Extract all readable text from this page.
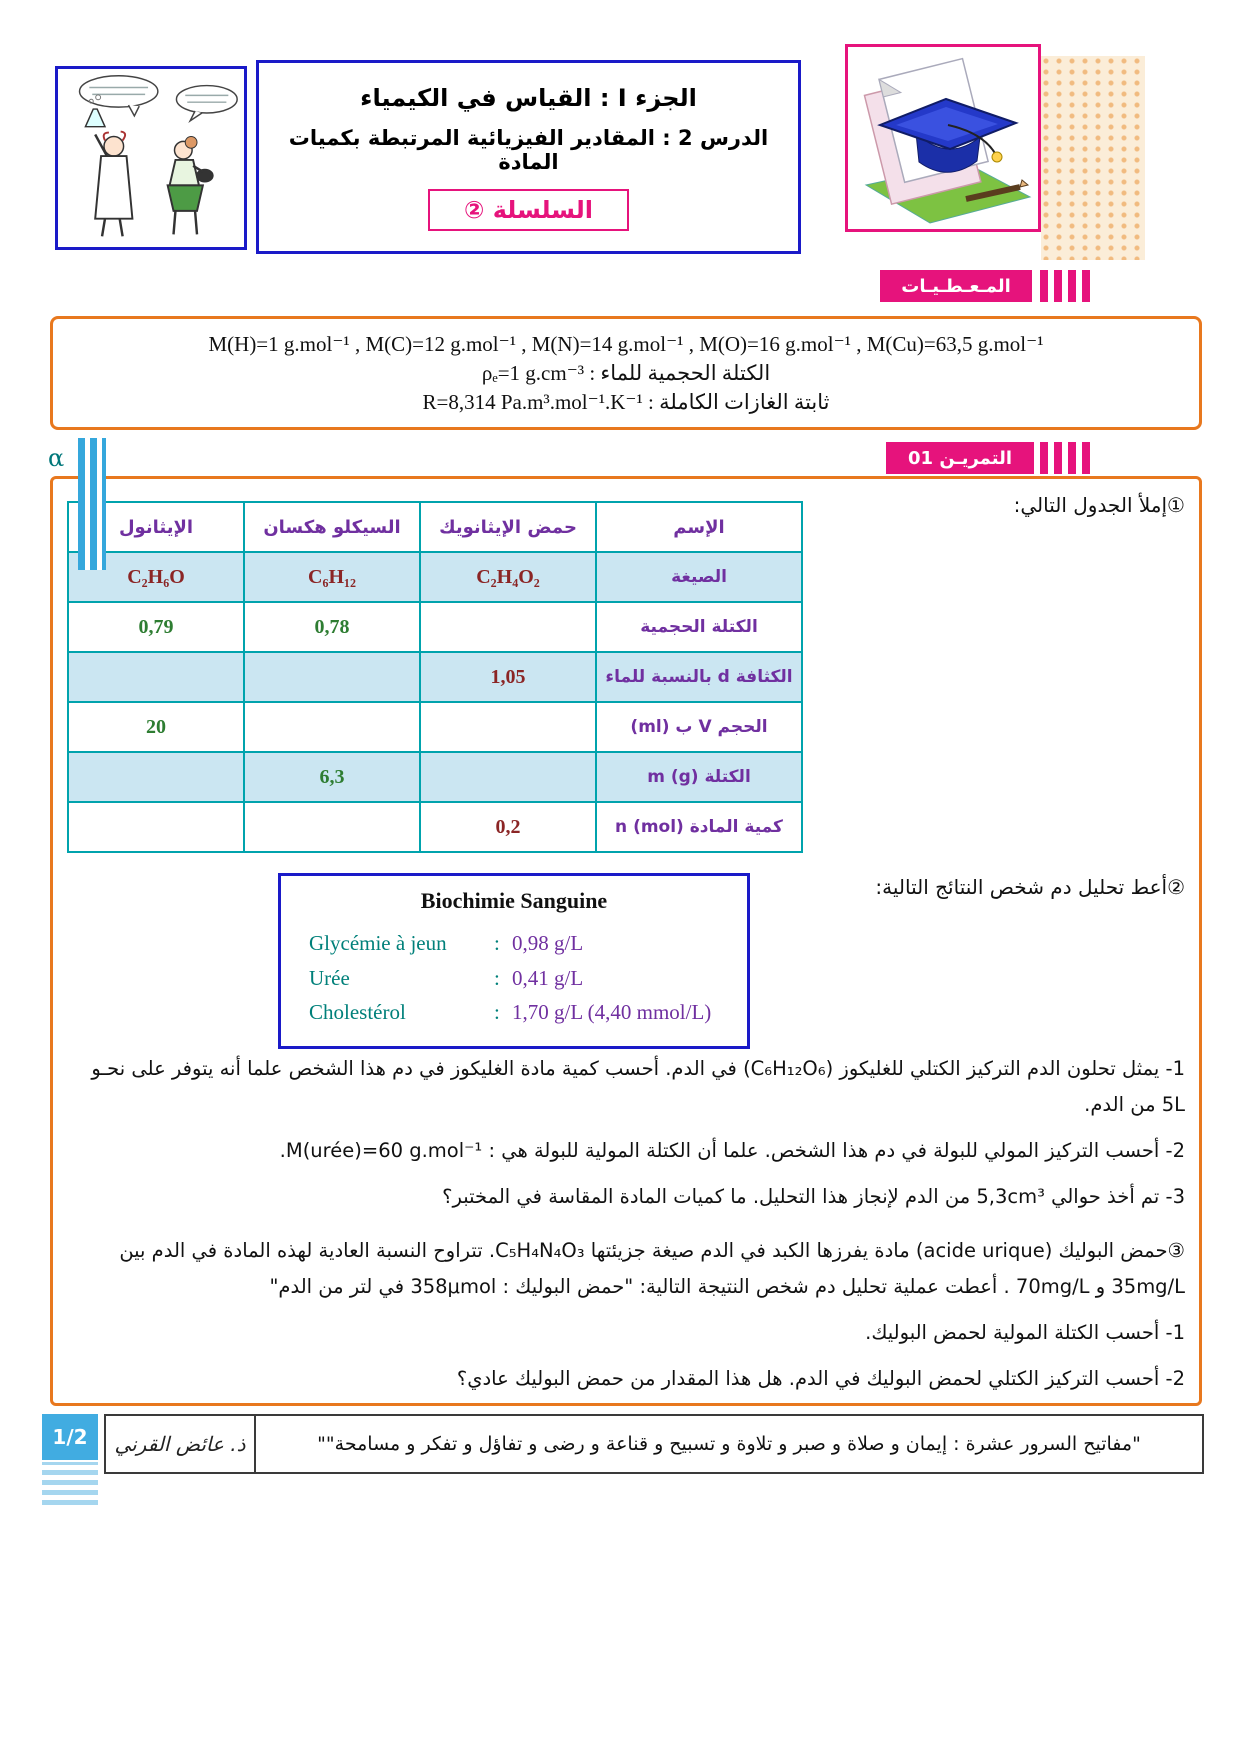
الجزء I : القياس في الكيمياء
الدرس 2 : المقادير الفيزيائية المرتبطة بكميات المادة
السلسلة ②
المـعـطـيـات
M(H)=1 g.mol⁻¹ , M(C)=12 g.mol⁻¹ , M(N)=14 g.mol⁻¹ , M(O)=16 g.mol⁻¹ , M(Cu)=63,5 g.mol⁻¹
الكتلة الحجمية للماء : ρₑ=1 g.cm⁻³
ثابتة الغازات الكاملة : R=8,314 Pa.m³.mol⁻¹.K⁻¹
α	التمريـن 01
①إملأ الجدول التالي:
الإسم	حمض الإيثانويك	السيكلو هكسان	الإيثانول
الصيغة	C₂H₄O₂	C₆H₁₂	C₂H₆O
الكتلة الحجمية		0,78	0,79
الكثافة d بالنسبة للماء	1,05		
الحجم V ب ‎(ml)‎			20
الكتلة m ‎(g)‎		6,3	
كمية المادة n ‎(mol)‎	0,2		
②أعط تحليل دم شخص النتائج التالية:
Biochimie Sanguine
Glycémie à jeun	: 0,98 g/L
Urée	: 0,41 g/L
Cholestérol	: 1,70 g/L ‎(4,40 mmol/L)‎

1- يمثل تحلون الدم التركيز الكتلي للغليكوز ‎(C₆H₁₂O₆)‎ في الدم. أحسب كمية مادة الغليكوز في دم هذا الشخص علما أنه يتوفر على نحـو 5L من الدم.

2- أحسب التركيز المولي للبولة في دم هذا الشخص. علما أن الكتلة المولية للبولة هي : ‎M(urée)=60 g.mol⁻¹‎.

3- تم أخذ حوالي 5,3cm³ من الدم لإنجاز هذا التحليل. ما كميات المادة المقاسة في المختبر؟

③حمض البوليك ‎(acide urique)‎ مادة يفرزها الكبد في الدم صيغة جزيئتها ‎C₅H₄N₄O₃‎. تتراوح النسبة العادية لهذه المادة في الدم بين 35mg/L و 70mg/L . أعطت عملية تحليل دم شخص النتيجة التالية: "حمض البوليك : 358μmol في لتر من الدم"

1- أحسب الكتلة المولية لحمض البوليك.

2- أحسب التركيز الكتلي لحمض البوليك في الدم. هل هذا المقدار من حمض البوليك عادي؟

1/2	ذ. عائض القرني	"مفاتيح السرور عشرة : إيمان و صلاة و صبر و تلاوة و تسبيح و قناعة و رضى و تفاؤل و تفكر و مسامحة""
